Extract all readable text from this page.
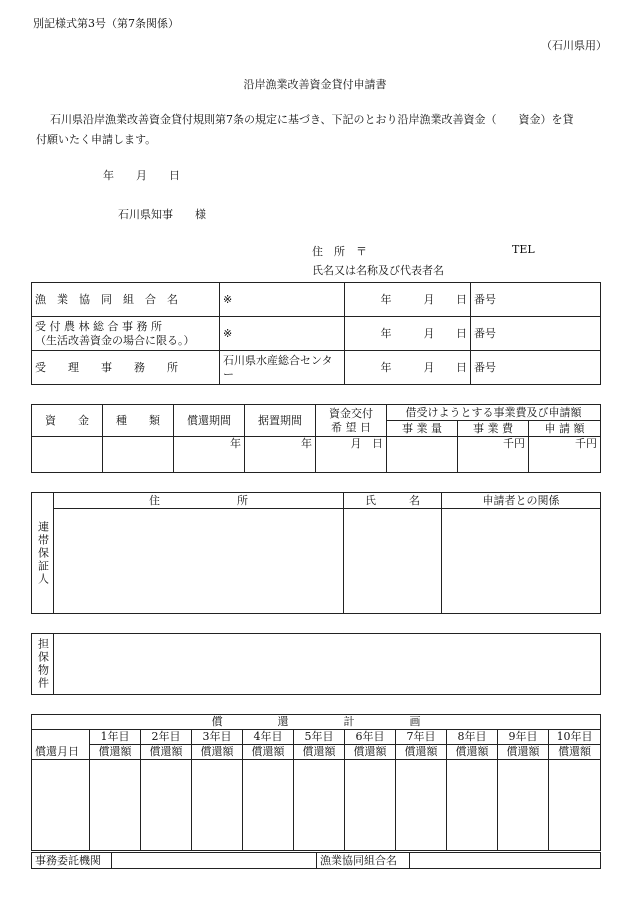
別記様式第3号（第7条関係）
（石川県用）
沿岸漁業改善資金貸付申請書
石川県沿岸漁業改善資金貸付規則第7条の規定に基づき、下記のとおり沿岸漁業改善資金（　　資金）を貸
付願いたく申請します。
年　　月　　日
石川県知事　　様
住　所　〒	TEL
氏名又は名称及び代表者名
漁　業　協　同　組　合　名	※	年	月	日	番号

受 付 農 林 総 合 事 務 所
（生活改善資金の場合に限る。）	※	年	月	日	番号
受　　理　　事　　務　　所	石川県水産総合センター	年	月	日	番号
資　　金	種　　類	償還期間	据置期間	資金交付
希 望 日	借受けようとする事業費及び申請額		
					事 業 量	事 業 費	申 請 額
		年	年	月 日		千円	千円
連帯保証人	住　　　　　　　所	氏　　　名	申請者との関係

担保物件	
償　　　　　還　　　　　計　　　　　画										
償還月日	1年目	2年目	3年目	4年目	5年目	6年目	7年目	8年目	9年目	10年目
	償還額	償還額	償還額	償還額	償還額	償還額	償還額	償還額	償還額	償還額

事務委託機関		漁業協同組合名	
